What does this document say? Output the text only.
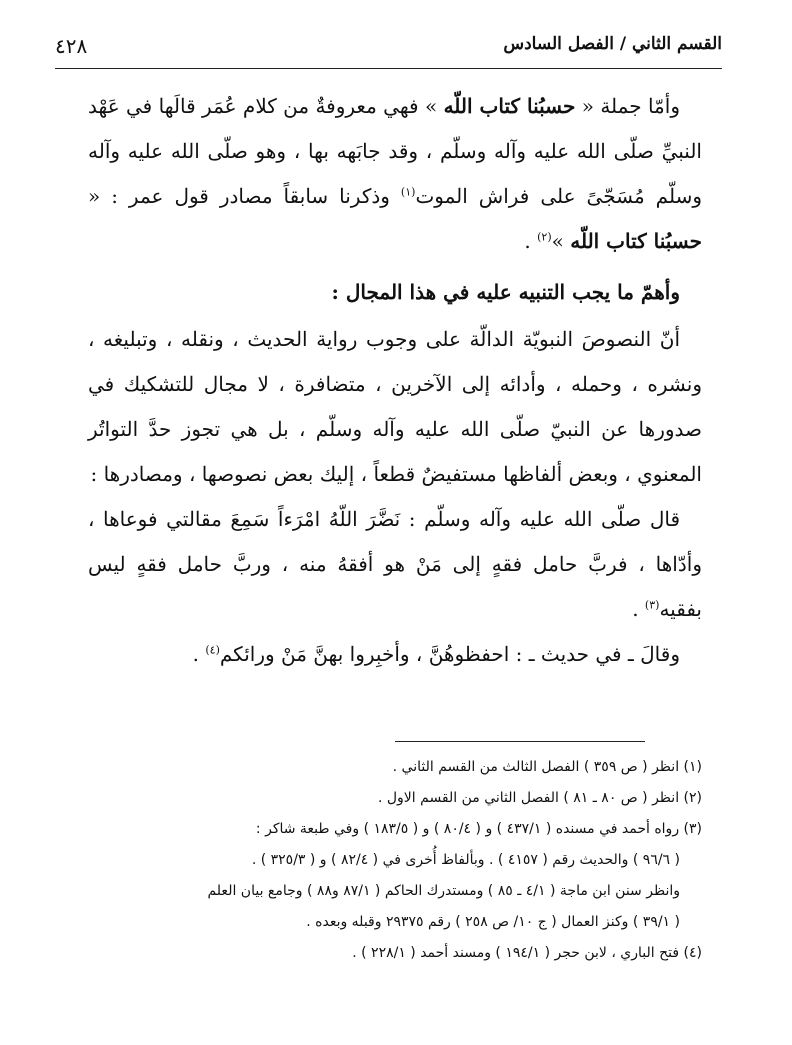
القسم الثاني / الفصل السادس
٤٢٨

وأمّا جملة « حسبُنا كتاب اللّه » فهي معروفةٌ من كلام عُمَر قالَها في عَهْد النبيِّ صلّى الله عليه وآله وسلّم ، وقد جابَهه بها ، وهو صلّى الله عليه وآله وسلّم مُسَجّىً على فراش الموت$^{(١)}$ وذكرنا سابقاً مصادر قول عمر : « حسبُنا كتاب اللّه »$^{(٢)}$ .

وأهمّ ما يجب التنبيه عليه في هذا المجال :

أنّ النصوصَ النبويّة الدالّة على وجوب رواية الحديث ، ونقله ، وتبليغه ، ونشره ، وحمله ، وأدائه إلى الآخرين ، متضافرة ، لا مجال للتشكيك في صدورها عن النبيّ صلّى الله عليه وآله وسلّم ، بل هي تجوز حدَّ التواتُر المعنوي ، وبعض ألفاظها مستفيضٌ قطعاً ، إليك بعض نصوصها ، ومصادرها :

قال صلّى الله عليه وآله وسلّم : نَضَّرَ اللّهُ امْرَءاً سَمِعَ مقالتي فوعاها ، وأدّاها ، فربَّ حامل فقهٍ إلى مَنْ هو أفقهُ منه ، وربَّ حامل فقهٍ ليس بفقيه$^{(٣)}$ .

وقالَ ـ في حديث ـ : احفظوهُنَّ ، وأخبِروا بهنَّ مَنْ ورائكم$^{(٤)}$ .

(١) انظر ( ص ٣٥٩ ) الفصل الثالث من القسم الثاني .

(٢) انظر ( ص ٨٠ ـ ٨١ ) الفصل الثاني من القسم الاول .

(٣) رواه أحمد في مسنده ( ٤٣٧/١ ) و ( ٨٠/٤ ) و ( ١٨٣/٥ ) وفي طبعة شاكر :

( ٩٦/٦ ) والحديث رقم ( ٤١٥٧ ) . وبألفاظ أُخرى في ( ٨٢/٤ ) و ( ٣٢٥/٣ ) .

وانظر سنن ابن ماجة ( ٤/١ ـ ٨٥ ) ومستدرك الحاكم ( ٨٧/١ و٨٨ ) وجامع بيان العلم

( ٣٩/١ ) وكنز العمال ( ج ١٠/ ص ٢٥٨ ) رقم ٢٩٣٧٥ وقبله وبعده .

(٤) فتح الباري ، لابن حجر ( ١٩٤/١ ) ومسند أحمد ( ٢٢٨/١ ) .
